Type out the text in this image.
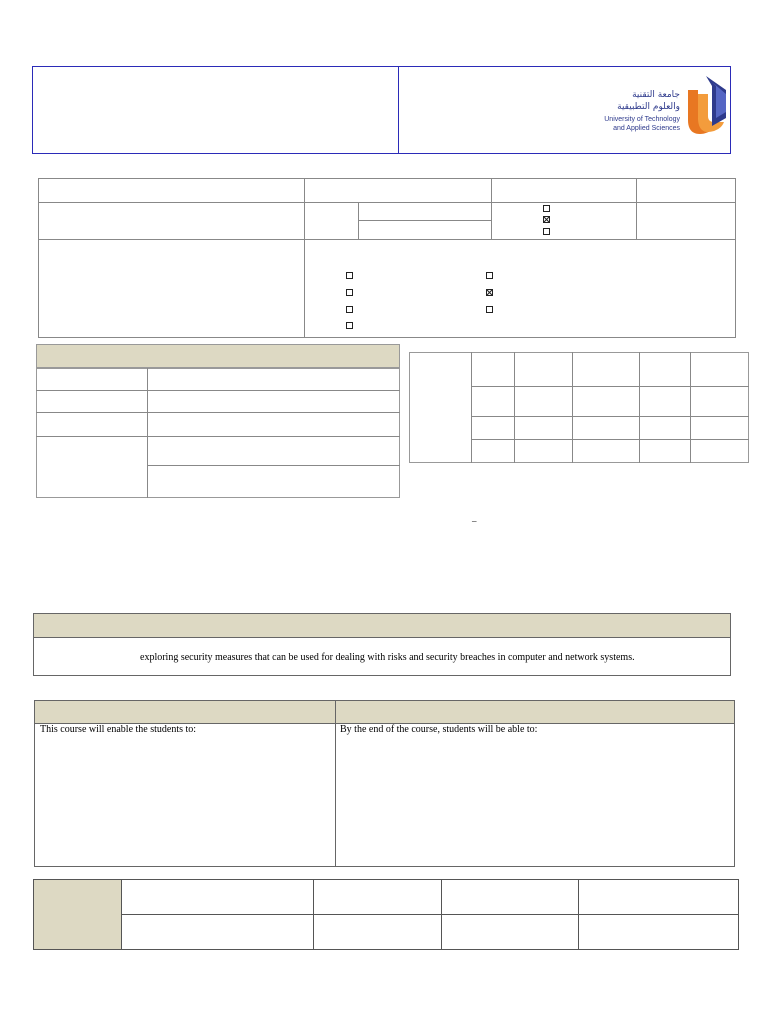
جامعة التقنية
والعلوم التطبيقية
University of Technology
and Applied Sciences
–
exploring security measures that can be used for dealing with risks and security breaches in computer and network systems.
This course will enable the students to:	By the end of the course, students will be able to:
